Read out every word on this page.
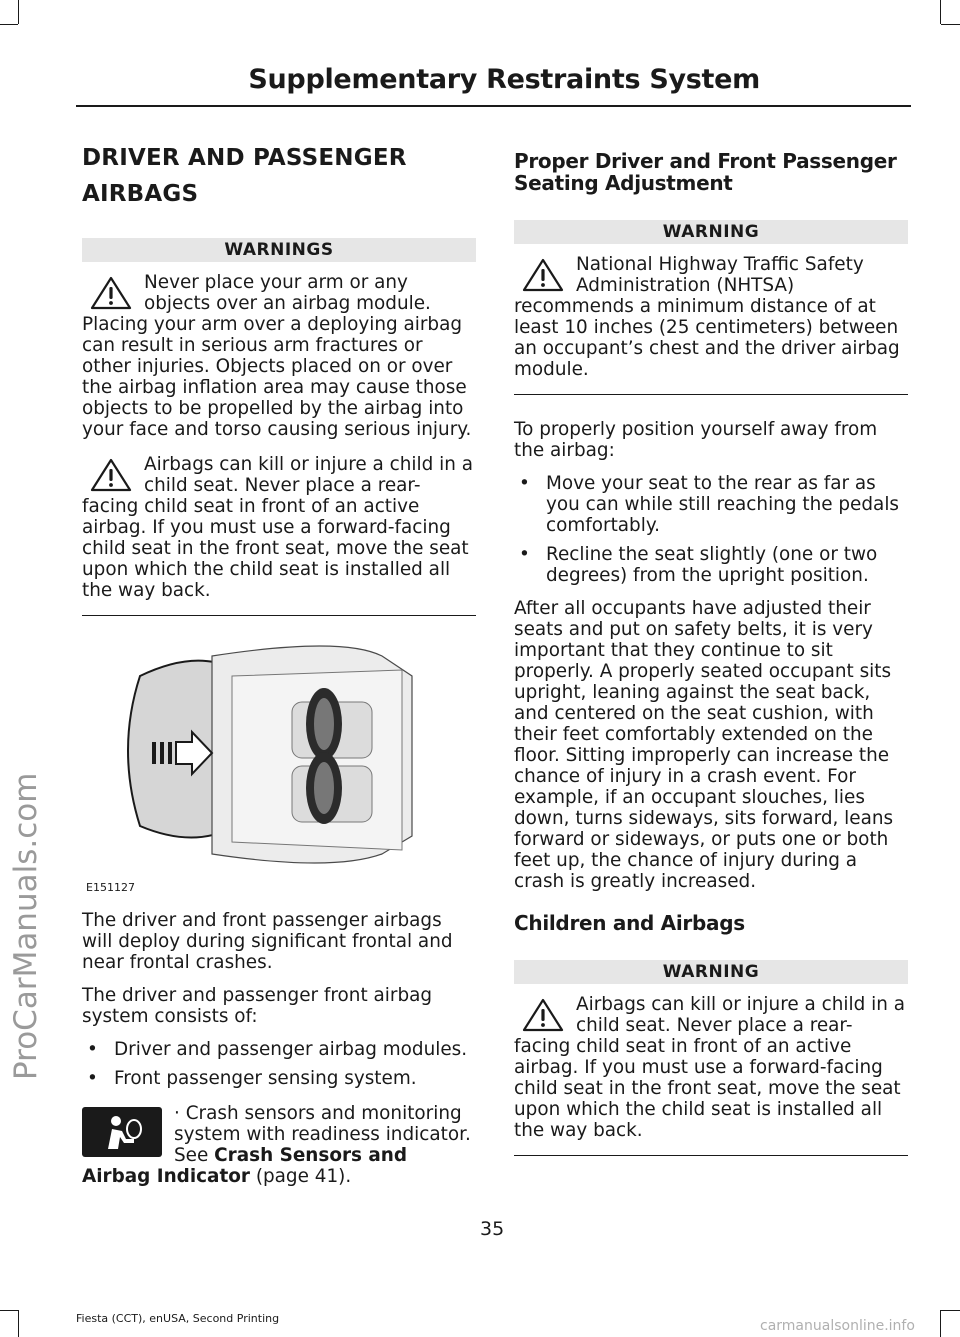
Supplementary Restraints System
ProCarManuals.com
DRIVER AND PASSENGER AIRBAGS
WARNINGS

Never place your arm or any objects over an airbag module. Placing your arm over a deploying airbag can result in serious arm fractures or other injuries. Objects placed on or over the airbag inflation area may cause those objects to be propelled by the airbag into your face and torso causing serious injury.

Airbags can kill or injure a child in a child seat. Never place a rear-facing child seat in front of an active airbag. If you must use a forward-facing child seat in the front seat, move the seat upon which the child seat is installed all the way back.

E151127

The driver and front passenger airbags will deploy during significant frontal and near frontal crashes.

The driver and passenger front airbag system consists of:

• Driver and passenger airbag modules.
• Front passenger sensing system.

· Crash sensors and monitoring system with readiness indicator. See Crash Sensors and Airbag Indicator (page 41).

Proper Driver and Front Passenger Seating Adjustment
WARNING

National Highway Traffic Safety Administration (NHTSA) recommends a minimum distance of at least 10 inches (25 centimeters) between an occupant’s chest and the driver airbag module.

To properly position yourself away from the airbag:

• Move your seat to the rear as far as you can while still reaching the pedals comfortably.
• Recline the seat slightly (one or two degrees) from the upright position.

After all occupants have adjusted their seats and put on safety belts, it is very important that they continue to sit properly. A properly seated occupant sits upright, leaning against the seat back, and centered on the seat cushion, with their feet comfortably extended on the floor. Sitting improperly can increase the chance of injury in a crash event. For example, if an occupant slouches, lies down, turns sideways, sits forward, leans forward or sideways, or puts one or both feet up, the chance of injury during a crash is greatly increased.

Children and Airbags
WARNING

Airbags can kill or injure a child in a child seat. Never place a rear-facing child seat in front of an active airbag. If you must use a forward-facing child seat in the front seat, move the seat upon which the child seat is installed all the way back.

35
Fiesta (CCT), enUSA, Second Printing	carmanualsonline.info
